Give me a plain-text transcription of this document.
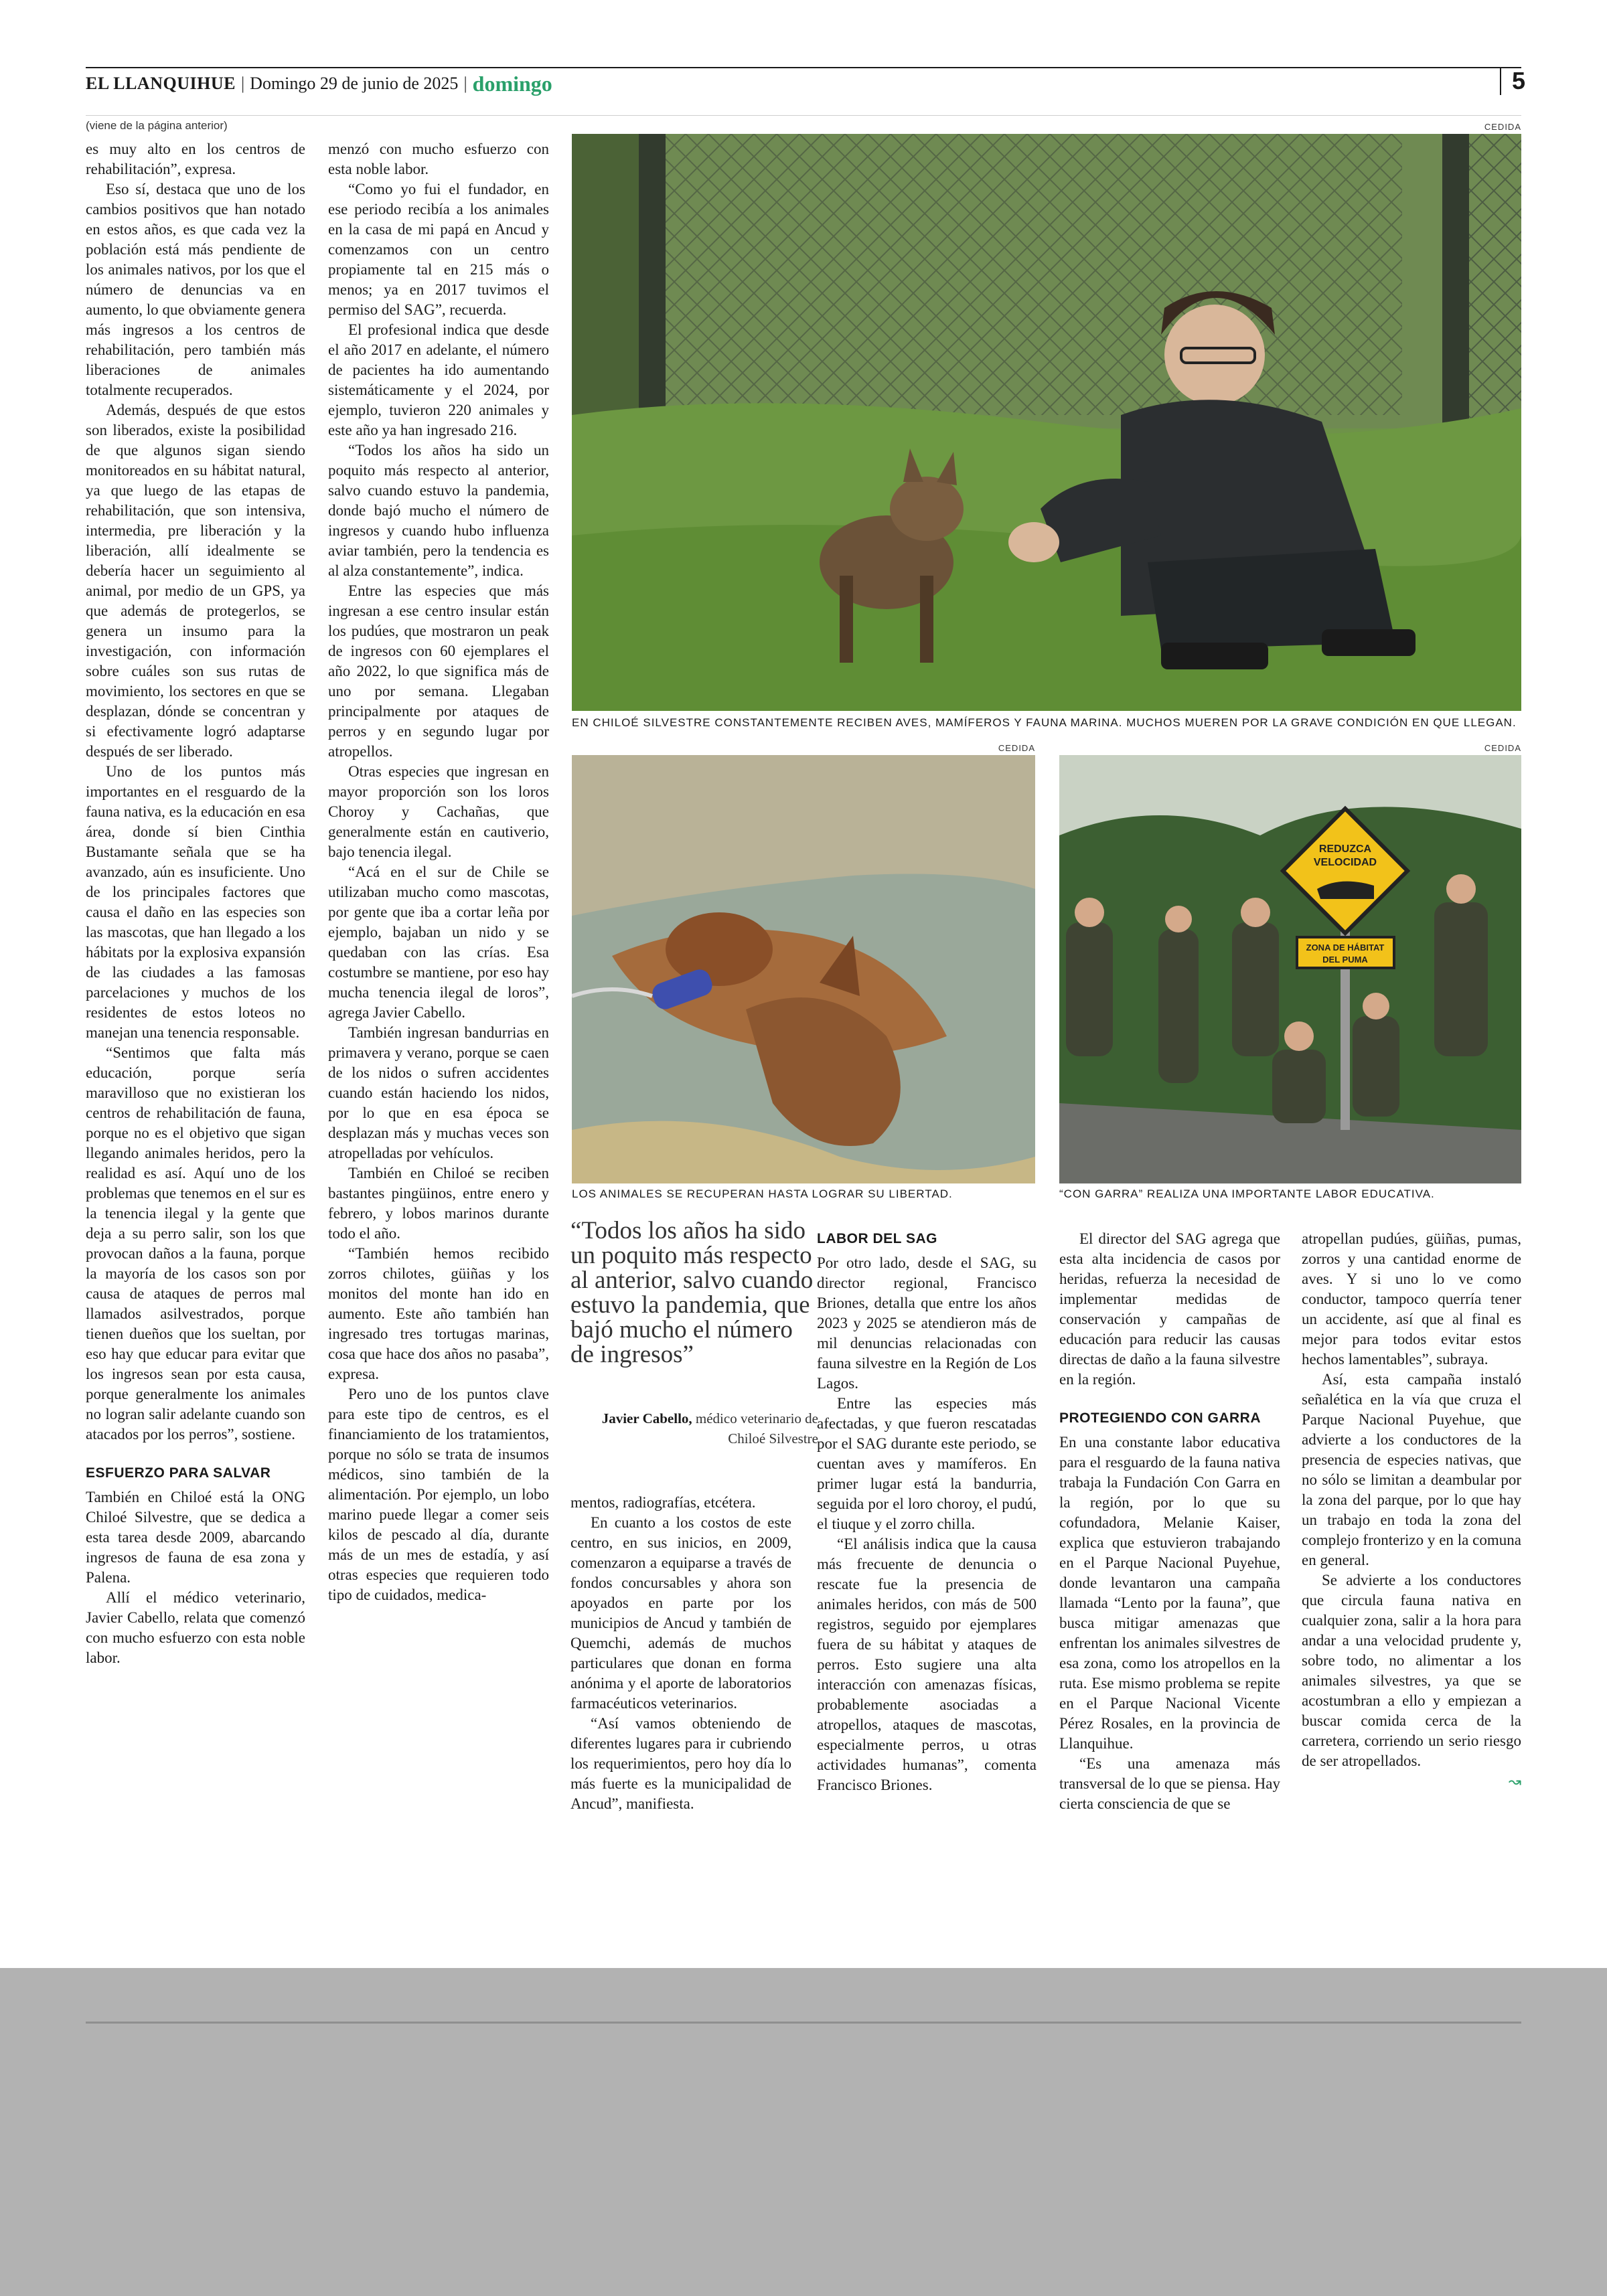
EL LLANQUIHUE | Domingo 29 de junio de 2025 | domingo	5
(viene de la página anterior)	CEDIDA
EN CHILOÉ SILVESTRE CONSTANTEMENTE RECIBEN AVES, MAMÍFEROS Y FAUNA MARINA. MUCHOS MUEREN POR LA GRAVE CONDICIÓN EN QUE LLEGAN.
CEDIDA
LOS ANIMALES SE RECUPERAN HASTA LOGRAR SU LIBERTAD.
CEDIDA
REDUZCA
VELOCIDAD
ZONA DE HÁBITAT
DEL PUMA
“CON GARRA” REALIZA UNA IMPORTANTE LABOR EDUCATIVA.

es muy alto en los centros de rehabilitación”, expresa.

Eso sí, destaca que uno de los cambios positivos que han notado en estos años, es que cada vez la población está más pendiente de los animales nativos, por los que el número de denuncias va en aumento, lo que obviamente genera más ingresos a los centros de rehabilitación, pero también más liberaciones de animales totalmente recuperados.

Además, después de que estos son liberados, existe la posibilidad de que algunos sigan siendo monitoreados en su hábitat natural, ya que luego de las etapas de rehabilitación, que son intensiva, intermedia, pre liberación y la liberación, allí idealmente se debería hacer un seguimiento al animal, por medio de un GPS, ya que además de protegerlos, se genera un insumo para la investigación, con información sobre cuáles son sus rutas de movimiento, los sectores en que se desplazan, dónde se concentran y si efectivamente logró adaptarse después de ser liberado.

Uno de los puntos más importantes en el resguardo de la fauna nativa, es la educación en esa área, donde sí bien Cinthia Bustamante señala que se ha avanzado, aún es insuficiente. Uno de los principales factores que causa el daño en las especies son las mascotas, que han llegado a los hábitats por la explosiva expansión de las ciudades a las famosas parcelaciones y muchos de los residentes de estos loteos no manejan una tenencia responsable.

“Sentimos que falta más educación, porque sería maravilloso que no existieran los centros de rehabilitación de fauna, porque no es el objetivo que sigan llegando animales heridos, pero la realidad es así. Aquí uno de los problemas que tenemos en el sur es la tenencia ilegal y la gente que deja a su perro salir, son los que provocan daños a la fauna, porque la mayoría de los casos son por causa de ataques de perros mal llamados asilvestrados, porque tienen dueños que los sueltan, por eso hay que educar para evitar que los ingresos sean por esta causa, porque generalmente los animales no logran salir adelante cuando son atacados por los perros”, sostiene.

ESFUERZO PARA SALVAR

También en Chiloé está la ONG Chiloé Silvestre, que se dedica a esta tarea desde 2009, abarcando ingresos de fauna de esa zona y Palena.

Allí el médico veterinario, Javier Cabello, relata que comenzó con mucho esfuerzo con esta noble labor.

menzó con mucho esfuerzo con esta noble labor.

“Como yo fui el fundador, en ese periodo recibía a los animales en la casa de mi papá en Ancud y comenzamos con un centro propiamente tal en 215 más o menos; ya en 2017 tuvimos el permiso del SAG”, recuerda.

El profesional indica que desde el año 2017 en adelante, el número de pacientes ha ido aumentando sistemáticamente y el 2024, por ejemplo, tuvieron 220 animales y este año ya han ingresado 216.

“Todos los años ha sido un poquito más respecto al anterior, salvo cuando estuvo la pandemia, donde bajó mucho el número de ingresos y cuando hubo influenza aviar también, pero la tendencia es al alza constantemente”, indica.

Entre las especies que más ingresan a ese centro insular están los pudúes, que mostraron un peak de ingresos con 60 ejemplares el año 2022, lo que significa más de uno por semana. Llegaban principalmente por ataques de perros y en segundo lugar por atropellos.

Otras especies que ingresan en mayor proporción son los loros Choroy y Cachañas, que generalmente están en cautiverio, bajo tenencia ilegal.

“Acá en el sur de Chile se utilizaban mucho como mascotas, por gente que iba a cortar leña por ejemplo, bajaban un nido y se quedaban con las crías. Esa costumbre se mantiene, por eso hay mucha tenencia ilegal de loros”, agrega Javier Cabello.

También ingresan bandurrias en primavera y verano, porque se caen de los nidos o sufren accidentes cuando están haciendo los nidos, por lo que en esa época se desplazan más y muchas veces son atropelladas por vehículos.

También en Chiloé se reciben bastantes pingüinos, entre enero y febrero, y lobos marinos durante todo el año.

“También hemos recibido zorros chilotes, güiñas y los monitos del monte han ido en aumento. Este año también han ingresado tres tortugas marinas, cosa que hace dos años no pasaba”, expresa.

Pero uno de los puntos clave para este tipo de centros, es el financiamiento de los tratamientos, porque no sólo se trata de insumos médicos, sino también de la alimentación. Por ejemplo, un lobo marino puede llegar a comer seis kilos de pescado al día, durante más de un mes de estadía, y así otras especies que requieren todo tipo de cuidados, medica-

“Todos los años ha sido un poquito más respecto al anterior, salvo cuando estuvo la pandemia, que bajó mucho el número de ingresos”
Javier Cabello, médico veterinario de Chiloé Silvestre

mentos, radiografías, etcétera.

En cuanto a los costos de este centro, en sus inicios, en 2009, comenzaron a equiparse a través de fondos concursables y ahora son apoyados en parte por los municipios de Ancud y también de Quemchi, además de muchos particulares que donan en forma anónima y el aporte de laboratorios farmacéuticos veterinarios.

“Así vamos obteniendo de diferentes lugares para ir cubriendo los requerimientos, pero hoy día lo más fuerte es la municipalidad de Ancud”, manifiesta.

LABOR DEL SAG

Por otro lado, desde el SAG, su director regional, Francisco Briones, detalla que entre los años 2023 y 2025 se atendieron más de mil denuncias relacionadas con fauna silvestre en la Región de Los Lagos.

Entre las especies más afectadas, y que fueron rescatadas por el SAG durante este periodo, se cuentan aves y mamíferos. En primer lugar está la bandurria, seguida por el loro choroy, el pudú, el tiuque y el zorro chilla.

“El análisis indica que la causa más frecuente de denuncia o rescate fue la presencia de animales heridos, con más de 500 registros, seguido por ejemplares fuera de su hábitat y ataques de perros. Esto sugiere una alta interacción con amenazas físicas, probablemente asociadas a atropellos, ataques de mascotas, especialmente perros, u otras actividades humanas”, comenta Francisco Briones.

El director del SAG agrega que esta alta incidencia de casos por heridas, refuerza la necesidad de implementar medidas de conservación y campañas de educación para reducir las causas directas de daño a la fauna silvestre en la región.

PROTEGIENDO CON GARRA

En una constante labor educativa para el resguardo de la fauna nativa trabaja la Fundación Con Garra en la región, por lo que su cofundadora, Melanie Kaiser, explica que estuvieron trabajando en el Parque Nacional Puyehue, donde levantaron una campaña llamada “Lento por la fauna”, que busca mitigar amenazas que enfrentan los animales silvestres de esa zona, como los atropellos en la ruta. Ese mismo problema se repite en el Parque Nacional Vicente Pérez Rosales, en la provincia de Llanquihue.

“Es una amenaza más transversal de lo que se piensa. Hay cierta consciencia de que se

atropellan pudúes, güiñas, pumas, zorros y una cantidad enorme de aves. Y si uno lo ve como conductor, tampoco querría tener un accidente, así que al final es mejor para todos evitar estos hechos lamentables”, subraya.

Así, esta campaña instaló señalética en la vía que cruza el Parque Nacional Puyehue, que advierte a los conductores de la presencia de especies nativas, que no sólo se limitan a deambular por la zona del parque, por lo que hay un trabajo en toda la zona del complejo fronterizo y en la comuna en general.

Se advierte a los conductores que circula fauna nativa en cualquier zona, salir a la hora para andar a una velocidad prudente y, sobre todo, no alimentar a los animales silvestres, ya que se acostumbran a ello y empiezan a buscar comida cerca de la carretera, corriendo un serio riesgo de ser atropellados.

↝
